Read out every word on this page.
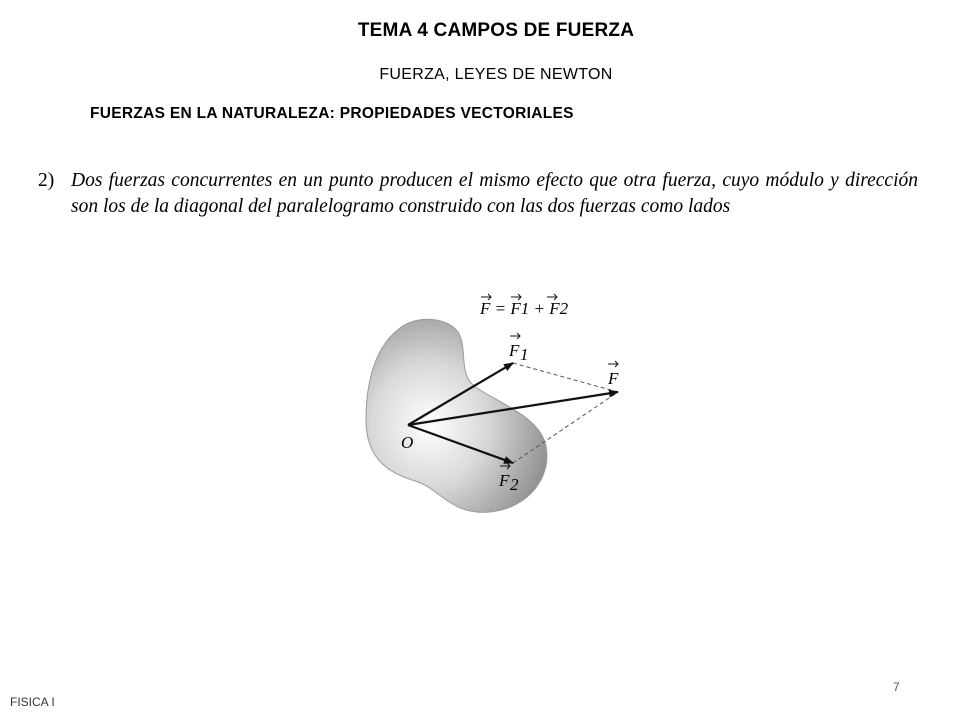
TEMA 4 CAMPOS DE FUERZA
FUERZA, LEYES DE NEWTON
FUERZAS EN LA NATURALEZA: PROPIEDADES VECTORIALES
2) Dos fuerzas concurrentes en un punto producen el mismo efecto que otra fuerza, cuyo módulo y dirección son los de la diagonal del paralelogramo construido con las dos fuerzas como lados
F = F1 + F2
F 1
F
F 2
O
FISICA I
7
